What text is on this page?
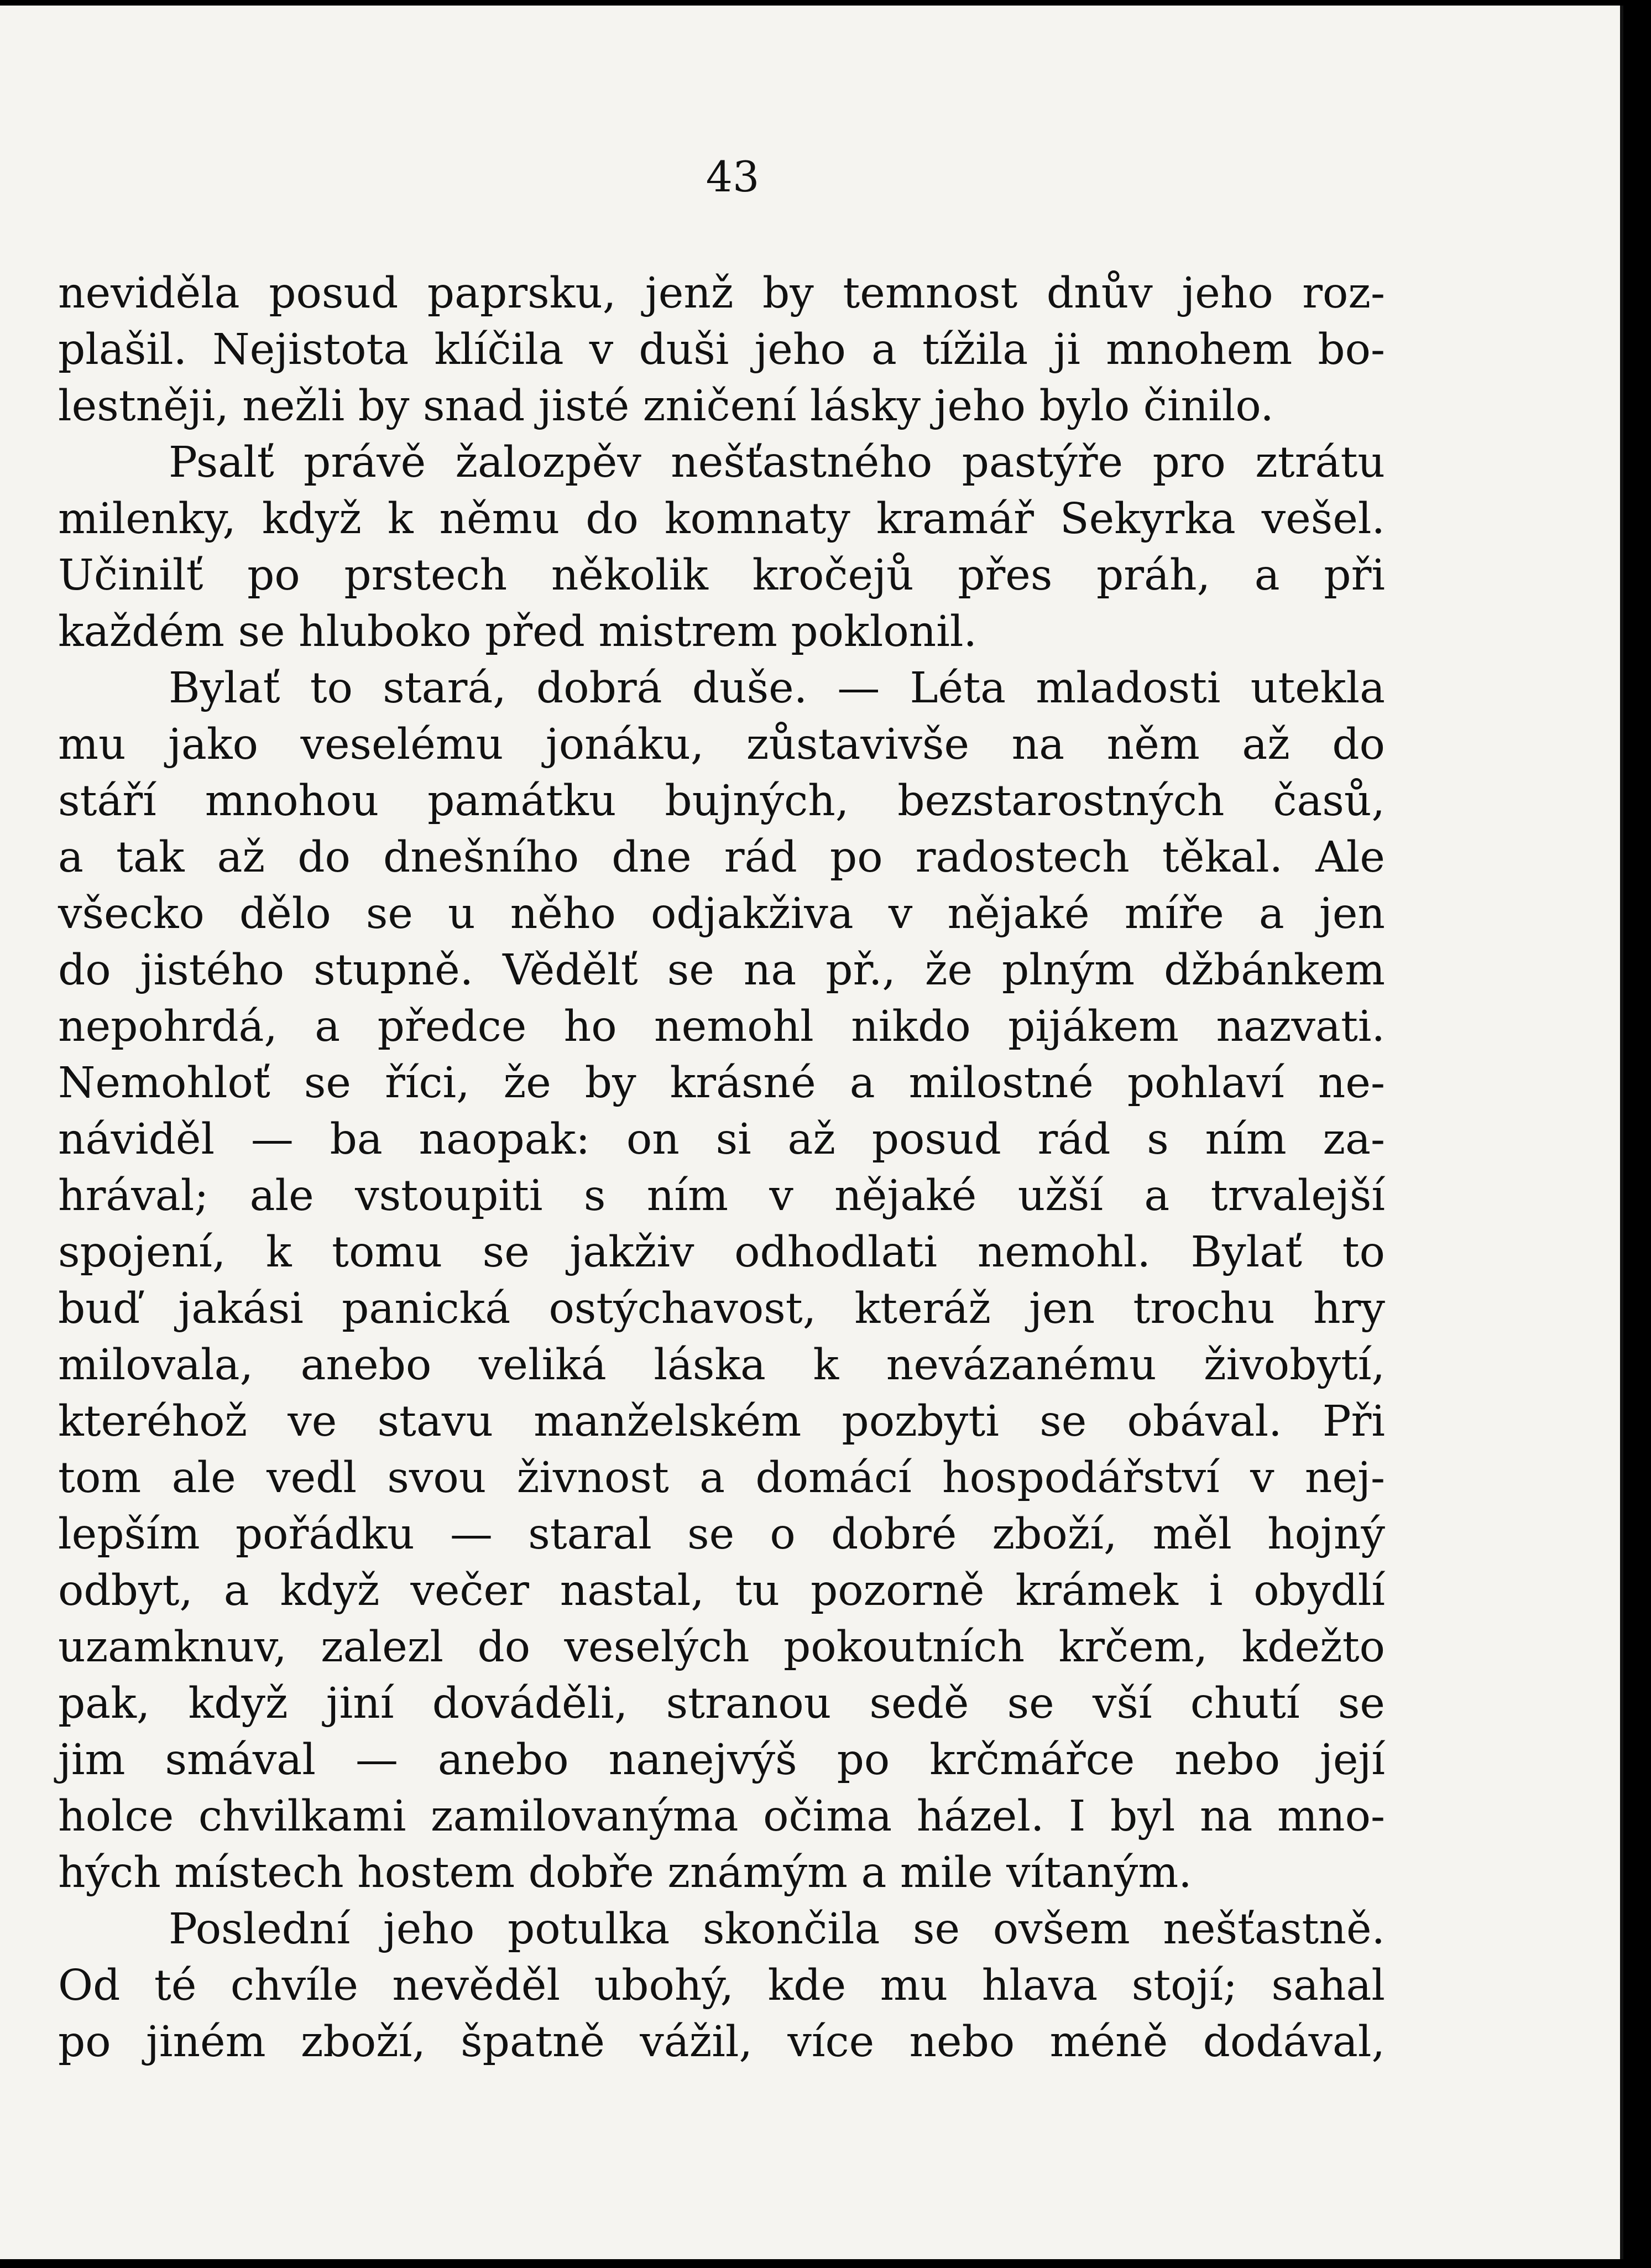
43
neviděla posud paprsku, jenž by temnost dnův jeho roz-
plašil. Nejistota klíčila v duši jeho a tížila ji mnohem bo-
lestněji, nežli by snad jisté zničení lásky jeho bylo činilo.
Psalť právě žalozpěv nešťastného pastýře pro ztrátu
milenky, když k němu do komnaty kramář Sekyrka vešel.
Učinilť po prstech několik kročejů přes práh, a při
každém se hluboko před mistrem poklonil.
Bylať to stará, dobrá duše. — Léta mladosti utekla
mu jako veselému jonáku, zůstavivše na něm až do
stáří mnohou památku bujných, bezstarostných časů,
a tak až do dnešního dne rád po radostech těkal. Ale
všecko dělo se u něho odjakživa v nějaké míře a jen
do jistého stupně. Vědělť se na př., že plným džbánkem
nepohrdá, a předce ho nemohl nikdo pijákem nazvati.
Nemohloť se říci, že by krásné a milostné pohlaví ne-
náviděl — ba naopak: on si až posud rád s ním za-
hrával; ale vstoupiti s ním v nějaké užší a trvalejší
spojení, k tomu se jakživ odhodlati nemohl. Bylať to
buď jakási panická ostýchavost, kteráž jen trochu hry
milovala, anebo veliká láska k nevázanému živobytí,
kteréhož ve stavu manželském pozbyti se obával. Při
tom ale vedl svou živnost a domácí hospodářství v nej-
lepším pořádku — staral se o dobré zboží, měl hojný
odbyt, a když večer nastal, tu pozorně krámek i obydlí
uzamknuv, zalezl do veselých pokoutních krčem, kdežto
pak, když jiní dováděli, stranou sedě se vší chutí se
jim smával — anebo nanejvýš po krčmářce nebo její
holce chvilkami zamilovanýma očima házel. I byl na mno-
hých místech hostem dobře známým a mile vítaným.
Poslední jeho potulka skončila se ovšem nešťastně.
Od té chvíle nevěděl ubohý, kde mu hlava stojí; sahal
po jiném zboží, špatně vážil, více nebo méně dodával,
